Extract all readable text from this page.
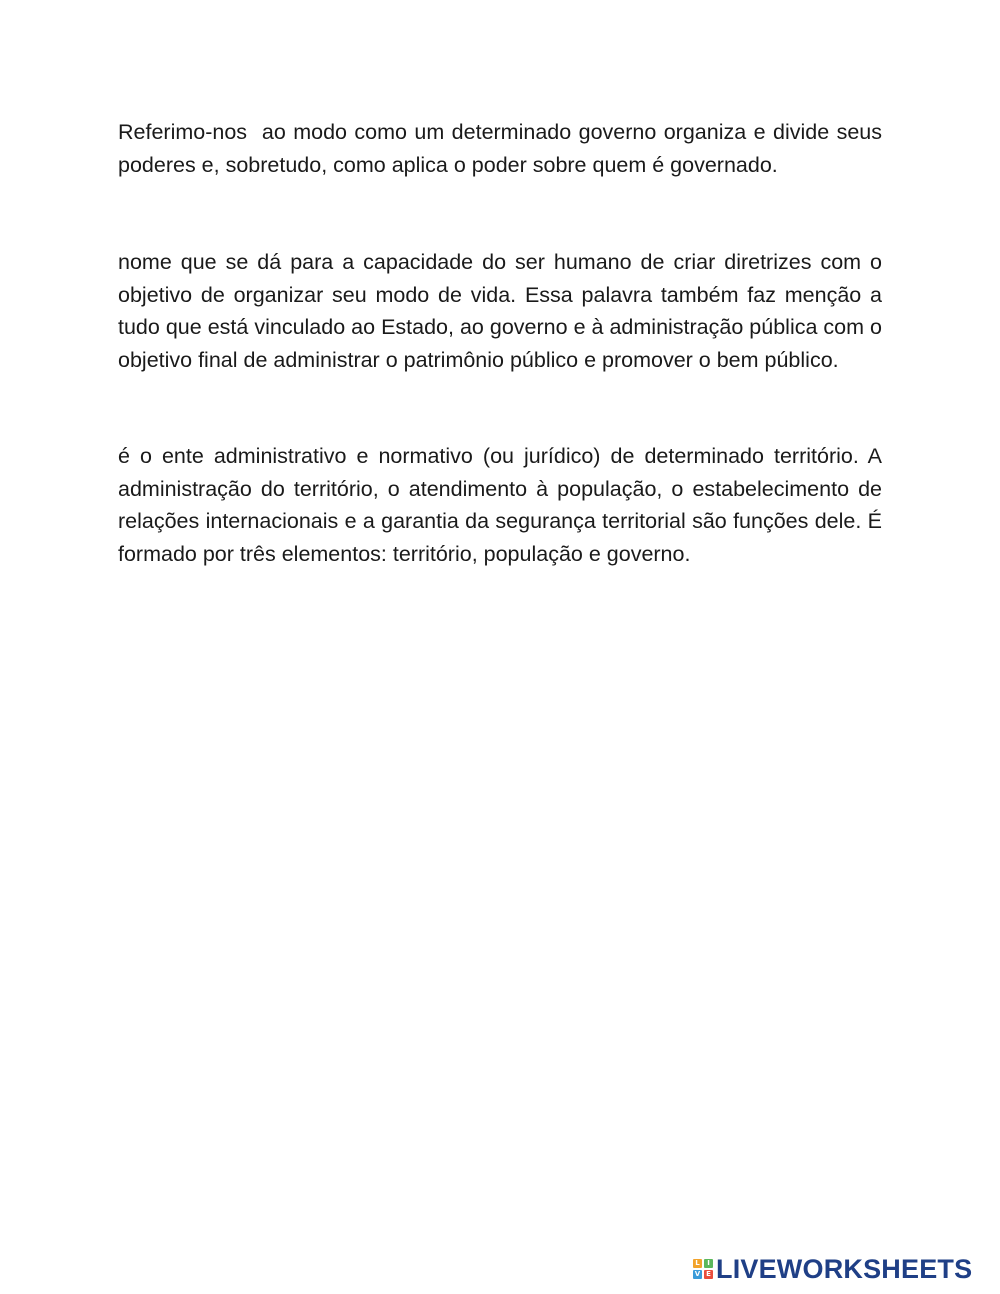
Referimo-nos  ao modo como um determinado governo organiza e divide seus poderes e, sobretudo, como aplica o poder sobre quem é governado.

nome que se dá para a capacidade do ser humano de criar diretrizes com o objetivo de organizar seu modo de vida. Essa palavra também faz menção a tudo que está vinculado ao Estado, ao governo e à administração pública com o objetivo final de administrar o patrimônio público e promover o bem público.

é o ente administrativo e normativo (ou jurídico) de determinado território. A administração do território, o atendimento à população, o estabelecimento de relações internacionais e a garantia da segurança territorial são funções dele. É formado por três elementos: território, população e governo.

L	I
V E LIVEWORKSHEETS
